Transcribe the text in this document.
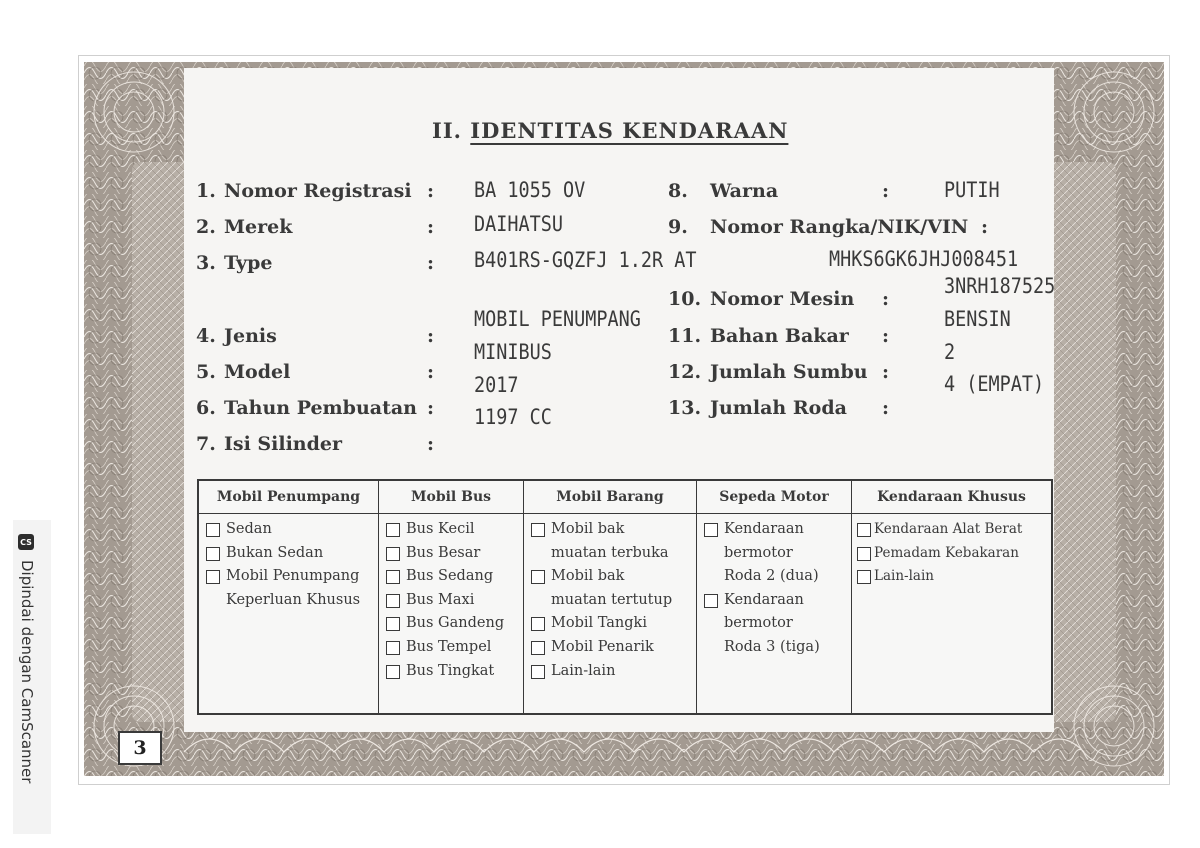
II. IDENTITAS KENDARAAN
1. Nomor Registrasi
2. Merek
3. Type
4. Jenis
5. Model
6. Tahun Pembuatan
7. Isi Silinder
:
:
:
:
:
:
:
BA 1055 OV
DAIHATSU
B401RS-GQZFJ 1.2R AT
MOBIL PENUMPANG
MINIBUS
2017
1197 CC
8. Warna	:
9. Nomor Rangka/NIK/VIN :
10. Nomor Mesin :
11. Bahan Bakar :
12. Jumlah Sumbu :
13. Jumlah Roda :
PUTIH
MHKS6GK6JHJ008451
3NRH187525
BENSIN
2
4 (EMPAT)
Mobil Penumpang
Sedan
Bukan Sedan
Mobil Penumpang
Keperluan Khusus
Mobil Bus
Bus Kecil
Bus Besar
Bus Sedang
Bus Maxi
Bus Gandeng
Bus Tempel
Bus Tingkat
Mobil Barang
Mobil bak
muatan terbuka
Mobil bak
muatan tertutup
Mobil Tangki
Mobil Penarik
Lain-lain
Sepeda Motor
Kendaraan
bermotor
Roda 2 (dua)
Kendaraan
bermotor
Roda 3 (tiga)
Kendaraan Khusus
Kendaraan Alat Berat
Pemadam Kebakaran
Lain-lain
3
CS
Dipindai dengan CamScanner
